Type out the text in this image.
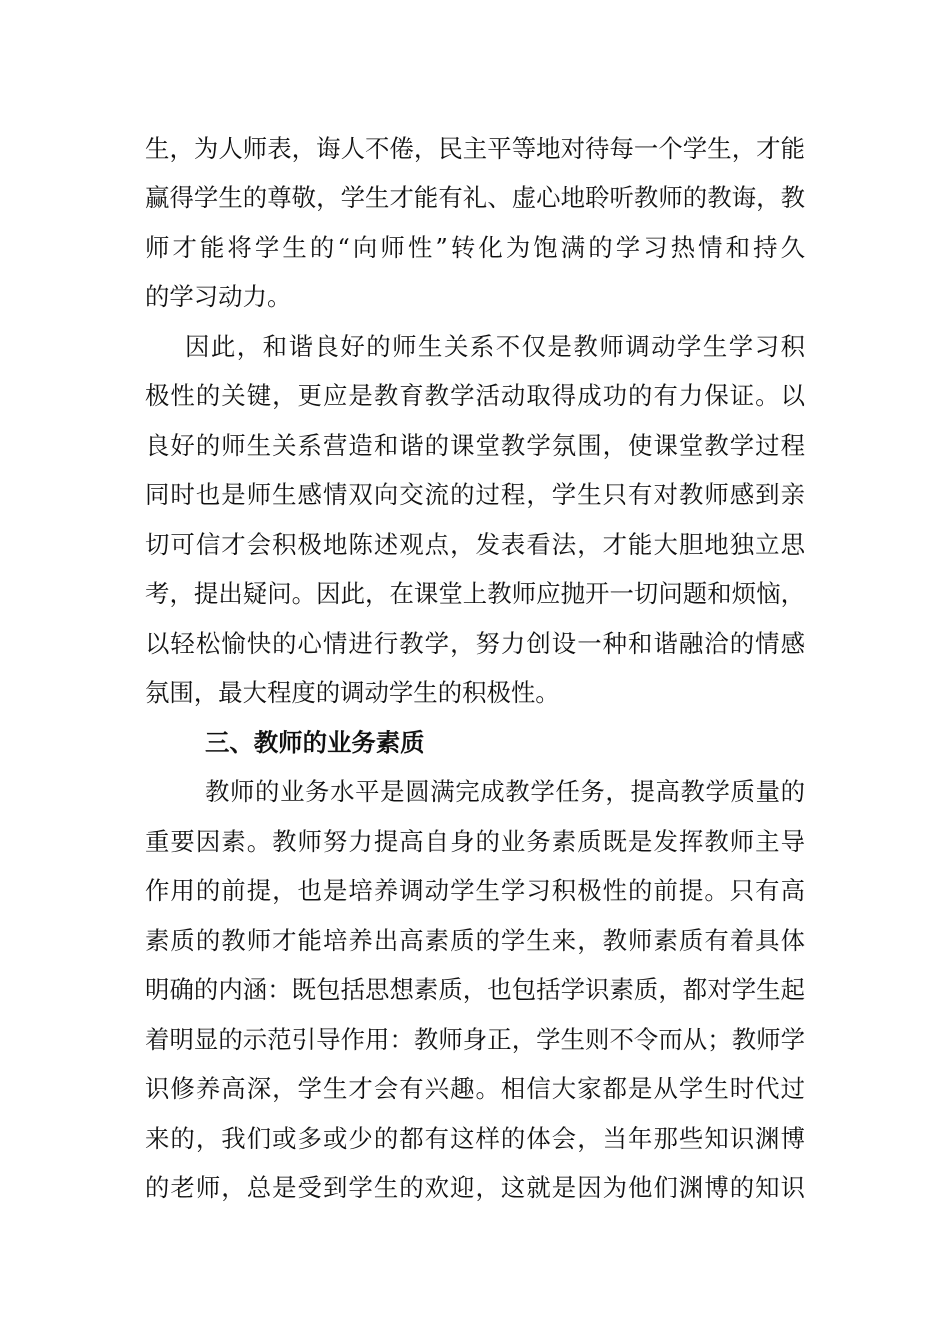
生，为人师表，诲人不倦，民主平等地对待每一个学生，才能
赢得学生的尊敬，学生才能有礼、虚心地聆听教师的教诲，教
师才能将学生的“向师性”转化为饱满的学习热情和持久
的学习动力。
因此，和谐良好的师生关系不仅是教师调动学生学习积
极性的关键，更应是教育教学活动取得成功的有力保证。以
良好的师生关系营造和谐的课堂教学氛围，使课堂教学过程
同时也是师生感情双向交流的过程，学生只有对教师感到亲
切可信才会积极地陈述观点，发表看法，才能大胆地独立思
考，提出疑问。因此，在课堂上教师应抛开一切问题和烦恼，
以轻松愉快的心情进行教学，努力创设一种和谐融洽的情感
氛围，最大程度的调动学生的积极性。
三、教师的业务素质
教师的业务水平是圆满完成教学任务，提高教学质量的
重要因素。教师努力提高自身的业务素质既是发挥教师主导
作用的前提，也是培养调动学生学习积极性的前提。只有高
素质的教师才能培养出高素质的学生来，教师素质有着具体
明确的内涵：既包括思想素质，也包括学识素质，都对学生起
着明显的示范引导作用：教师身正，学生则不令而从；教师学
识修养高深，学生才会有兴趣。相信大家都是从学生时代过
来的，我们或多或少的都有这样的体会，当年那些知识渊博
的老师，总是受到学生的欢迎，这就是因为他们渊博的知识
